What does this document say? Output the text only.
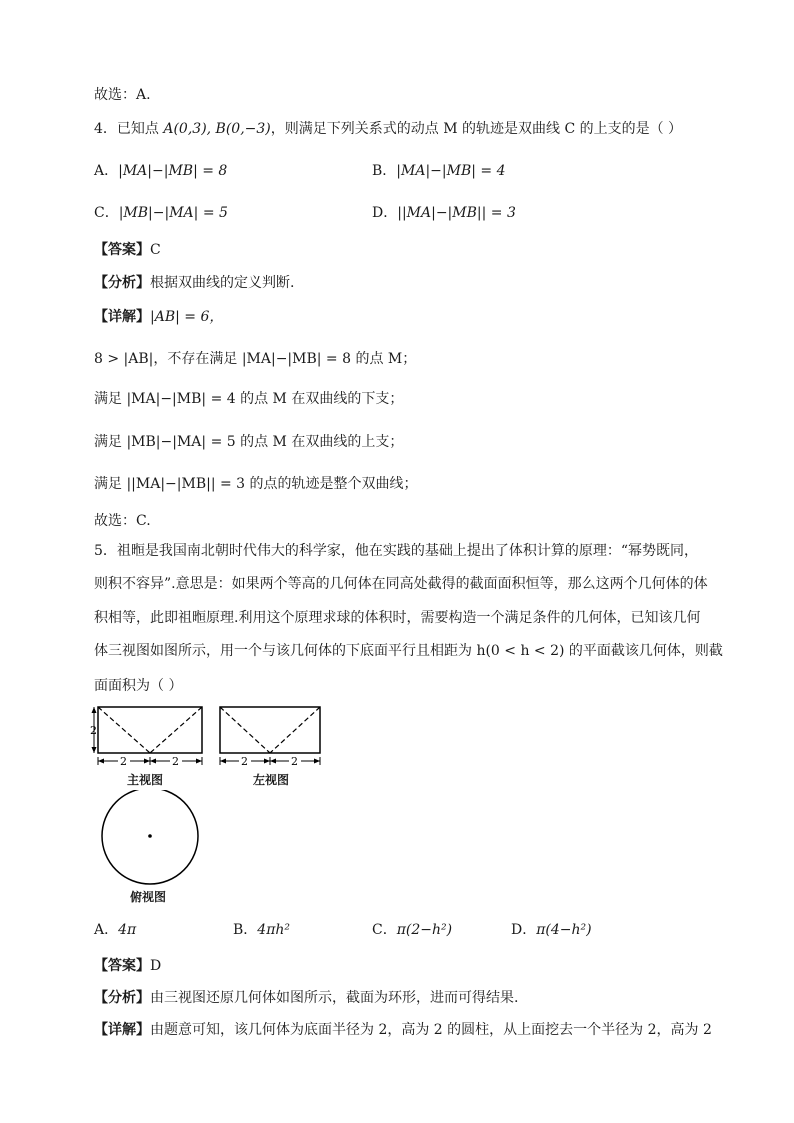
故选：A.
4．已知点 A(0,3), B(0,−3)，则满足下列关系式的动点 M 的轨迹是双曲线 C 的上支的是（ ）
A．|MA|−|MB| = 8	B．|MA|−|MB| = 4
C．|MB|−|MA| = 5	D．||MA|−|MB|| = 3
【答案】C
【分析】根据双曲线的定义判断.
【详解】|AB| = 6，
8 > |AB|，不存在满足 |MA|−|MB| = 8 的点 M；
满足 |MA|−|MB| = 4 的点 M 在双曲线的下支；
满足 |MB|−|MA| = 5 的点 M 在双曲线的上支；
满足 ||MA|−|MB|| = 3 的点的轨迹是整个双曲线；
故选：C.
5．祖暅是我国南北朝时代伟大的科学家，他在实践的基础上提出了体积计算的原理：“幂势既同，
则积不容异”.意思是：如果两个等高的几何体在同高处截得的截面面积恒等，那么这两个几何体的体
积相等，此即祖暅原理.利用这个原理求球的体积时，需要构造一个满足条件的几何体，已知该几何
体三视图如图所示，用一个与该几何体的下底面平行且相距为 h(0 < h < 2) 的平面截该几何体，则截
面面积为（ ）
2
2	2	2	2
主视图	左视图
俯视图
A．4π	B．4πh²	C．π(2−h²)	D．π(4−h²)
【答案】D
【分析】由三视图还原几何体如图所示，截面为环形，进而可得结果.
【详解】由题意可知，该几何体为底面半径为 2，高为 2 的圆柱，从上面挖去一个半径为 2，高为 2
